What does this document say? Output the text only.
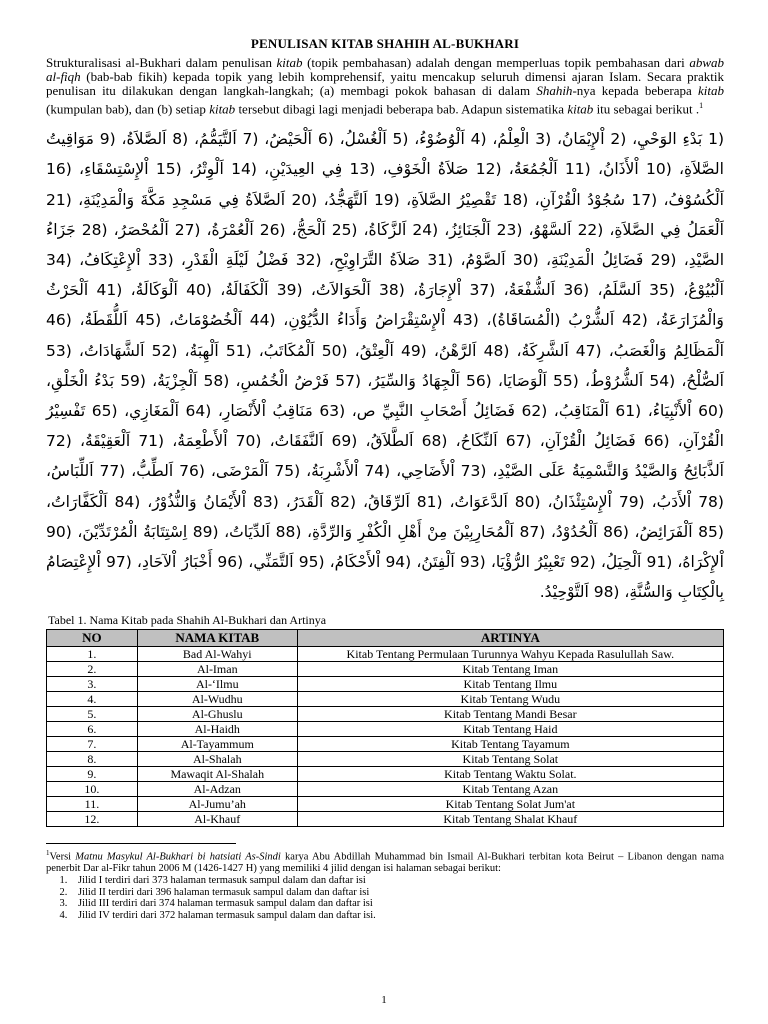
PENULISAN KITAB SHAHIH AL-BUKHARI

Strukturalisasi al-Bukhari dalam penulisan kitab (topik pembahasan) adalah dengan memperluas topik pembahasan dari abwab al-fiqh (bab-bab fikih) kepada topik yang lebih komprehensif, yaitu mencakup seluruh dimensi ajaran Islam. Secara praktik penulisan itu dilakukan dengan langkah-langkah; (a) membagi pokok bahasan di dalam Shahih-nya kepada beberapa kitab (kumpulan bab), dan (b) setiap kitab tersebut dibagi lagi menjadi beberapa bab. Adapun sistematika kitab itu sebagai berikut .$^1$

1) بَدْءِ الوَحْيِ، 2) اْلإِيْمَانُ، 3) الْعِلْمُ، 4) اَلْوُضُوْءُ، 5) اَلْغُسْلُ، 6) اَلْحَيْضُ، 7) اَلتَّيَمُّمُ، 8) اَلصَّلاَةُ، 9) مَوَاقِيتُ الصَّلاَةِ، 10) اْلأَذَانُ، 11) اَلْجُمُعَةُ، 12) صَلاَةُ الْخَوْفِ، 13) فِي العِيدَيْنِ، 14) اَلْوِتْرُ، 15) اْلإِسْتِسْقَاءِ، 16) اَلْكُسُوْفُ، 17) سُجُوْدُ الْقُرْآنِ، 18) تَقْصِيْرُ الصَّلاَةِ، 19) اَلتَّهَجُّدُ، 20) اَلصَّلاَةُ فِي مَسْجِدِ مَكَّةَ وَالْمَدِيْنَةِ، 21) اَلْعَمَلُ فِي الصَّلاَةِ، 22) اَلسَّهْوُ، 23) اَلْجَنَائِزُ، 24) اَلزَّكَاةُ، 25) اَلْحَجُّ، 26) اَلْعُمْرَةُ، 27) اَلْمُحْصَرُ، 28) جَزَاءُ الصَّيْدِ، 29) فَضَائِلُ الْمَدِيْنَةِ، 30) اَلصَّوْمُ، 31) صَلاَةُ التَّرَاوِيْحِ، 32) فَضْلُ لَيْلَةِ الْقَدْرِ، 33) اْلإِعْتِكَافُ، 34) اَلْبُيُوْعُ، 35) اَلسَّلَمُ، 36) اَلشُّفْعَةُ، 37) اْلإِجَارَةُ، 38) اَلْحَوَالاَتُ، 39) اَلْكَفَالَةُ، 40) اَلْوَكَالَةُ، 41) اَلْحَرْثُ وَالْمُزَارَعَةُ، 42) اَلشُّرْبُ (الْمُسَاقَاةُ)، 43) اْلإِسْتِقْرَاضُ وَأَدَاءُ الدُّيُوْنِ، 44) اَلْخُصُوْمَاتُ، 45) اَللُّقَطَةُ، 46) اَلْمَظَالِمُ وَالْغَصَبُ، 47) اَلشَّرِكَةُ، 48) اَلرَّهْنُ، 49) اَلْعِتْقُ، 50) اَلْمُكَاتَبُ، 51) اَلْهِبَةُ، 52) اَلشَّهَادَاتُ، 53) اَلصُّلْحُ، 54) اَلشُّرُوْطُ، 55) اَلْوَصَايَا، 56) اَلْجِهَادُ وَالسِّيَرُ، 57) فَرْضُ الْخُمُسِ، 58) اَلْجِزْيَةُ، 59) بَدْءُ الْخَلْقِ، 60) اْلأَنْبِيَاءُ، 61) اَلْمَنَاقِبُ، 62) فَضَائِلُ أَصْحَابِ النَّبِيِّ ص، 63) مَنَاقِبُ اْلأَنْصَارِ، 64) اَلْمَغَازِي، 65) تَفْسِيْرُ الْقُرْآنِ، 66) فَضَائِلُ الْقُرْآنِ، 67) اَلنِّكَاحُ، 68) اَلطَّلاَقُ، 69) اَلنَّفَقَاتُ، 70) اْلأَطْعِمَةُ، 71) اَلْعَقِيْقَةُ، 72) اَلذَّبَائِحُ وَالصَّيْدُ وَالتَّسْمِيَةُ عَلَى الصَّيْدِ، 73) اْلأَضَاحِي، 74) اْلأَشْرِبَةُ، 75) اَلْمَرْضَى، 76) اَلطِّبُّ، 77) اَللِّبَاسُ، 78) اْلأَدَبُ، 79) اْلإِسْتِئْذَانُ، 80) اَلدَّعَوَاتُ، 81) اَلرِّقَاقُ، 82) اَلْقَدَرُ، 83) اْلأَيْمَانُ وَالنُّذُوْرُ، 84) اَلْكَفَّارَاتُ، 85) اَلْفَرَائِضُ، 86) اَلْحُدُوْدُ، 87) اَلْمُحَارِبِيْنَ مِنْ أَهْلِ الْكُفْرِ وَالرِّدَّةِ، 88) اَلدِّيَاتُ، 89) اِسْتِتَابَةُ الْمُرْتَدِّيْنَ، 90) اْلإِكْرَاهُ، 91) اَلْحِيَلُ، 92) تَعْبِيْرُ الرُّؤْيَا، 93) اَلْفِتَنُ، 94) اْلأَحْكَامُ، 95) اَلتَّمَنِّي، 96) أَخْبَارُ اْلآحَادِ، 97) اْلإِعْتِصَامُ بِالْكِتَابِ وَالسُّنَّةِ، 98) اَلتَّوْحِيْدُ.
Tabel 1. Nama Kitab pada Shahih Al-Bukhari dan Artinya
NO	NAMA KITAB	ARTINYA
1.	Bad Al-Wahyi	Kitab Tentang Permulaan Turunnya Wahyu Kepada Rasulullah Saw.
2.	Al-Iman	Kitab Tentang Iman
3.	Al-‘Ilmu	Kitab Tentang Ilmu
4.	Al-Wudhu	Kitab Tentang Wudu
5.	Al-Ghuslu	Kitab Tentang Mandi Besar
6.	Al-Haidh	Kitab Tentang Haid
7.	Al-Tayammum	Kitab Tentang Tayamum
8.	Al-Shalah	Kitab Tentang Solat
9.	Mawaqit Al-Shalah	Kitab Tentang Waktu Solat.
10.	Al-Adzan	Kitab Tentang Azan
11.	Al-Jumu’ah	Kitab Tentang Solat Jum'at
12.	Al-Khauf	Kitab Tentang Shalat Khauf

$^1$Versi Matnu Masykul Al-Bukhari bi hatsiati As-Sindi karya Abu Abdillah Muhammad bin Ismail Al-Bukhari terbitan kota Beirut – Libanon dengan nama penerbit Dar al-Fikr tahun 2006 M (1426-1427 H) yang memiliki 4 jilid dengan isi halaman sebagai berikut:

1. Jilid I terdiri dari 373 halaman termasuk sampul dalam dan daftar isi
2. Jilid II terdiri dari 396 halaman termasuk sampul dalam dan daftar isi
3. Jilid III terdiri dari 374 halaman termasuk sampul dalam dan daftar isi
4. Jilid IV terdiri dari 372 halaman termasuk sampul dalam dan daftar isi.
1
